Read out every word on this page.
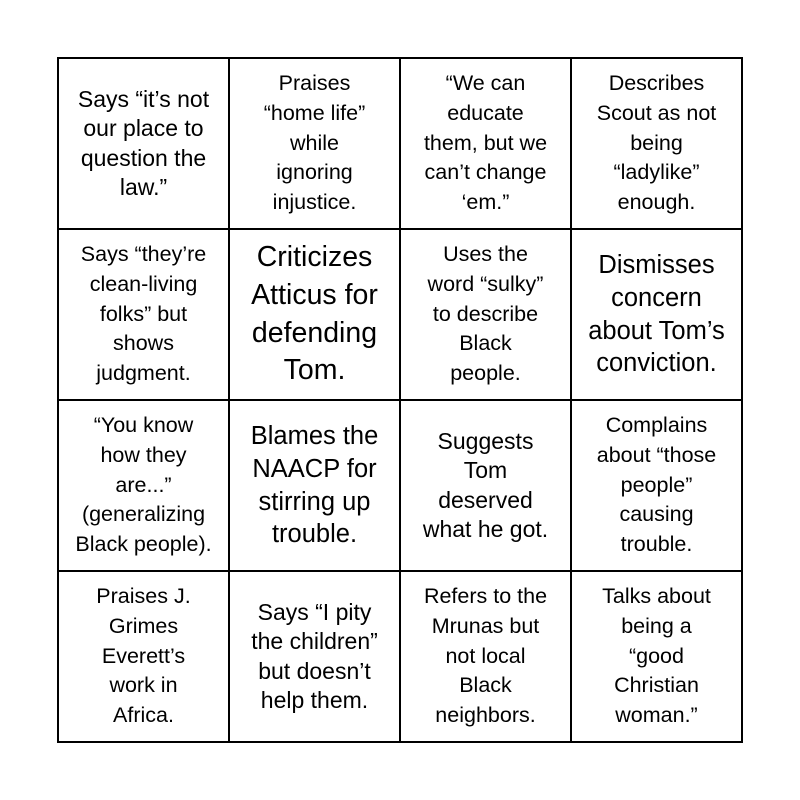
Says “it’s not
our place to
question the
law.”
Praises
“home life”
while
ignoring
injustice.
“We can
educate
them, but we
can’t change
‘em.”
Describes
Scout as not
being
“ladylike”
enough.
Says “they’re
clean-living
folks” but
shows
judgment.
Criticizes
Atticus for
defending
Tom.
Uses the
word “sulky”
to describe
Black
people.
Dismisses
concern
about Tom’s
conviction.
“You know
how they
are...”
(generalizing
Black people).
Blames the
NAACP for
stirring up
trouble.
Suggests
Tom
deserved
what he got.
Complains
about “those
people”
causing
trouble.
Praises J.
Grimes
Everett’s
work in
Africa.
Says “I pity
the children”
but doesn’t
help them.
Refers to the
Mrunas but
not local
Black
neighbors.
Talks about
being a
“good
Christian
woman.”
